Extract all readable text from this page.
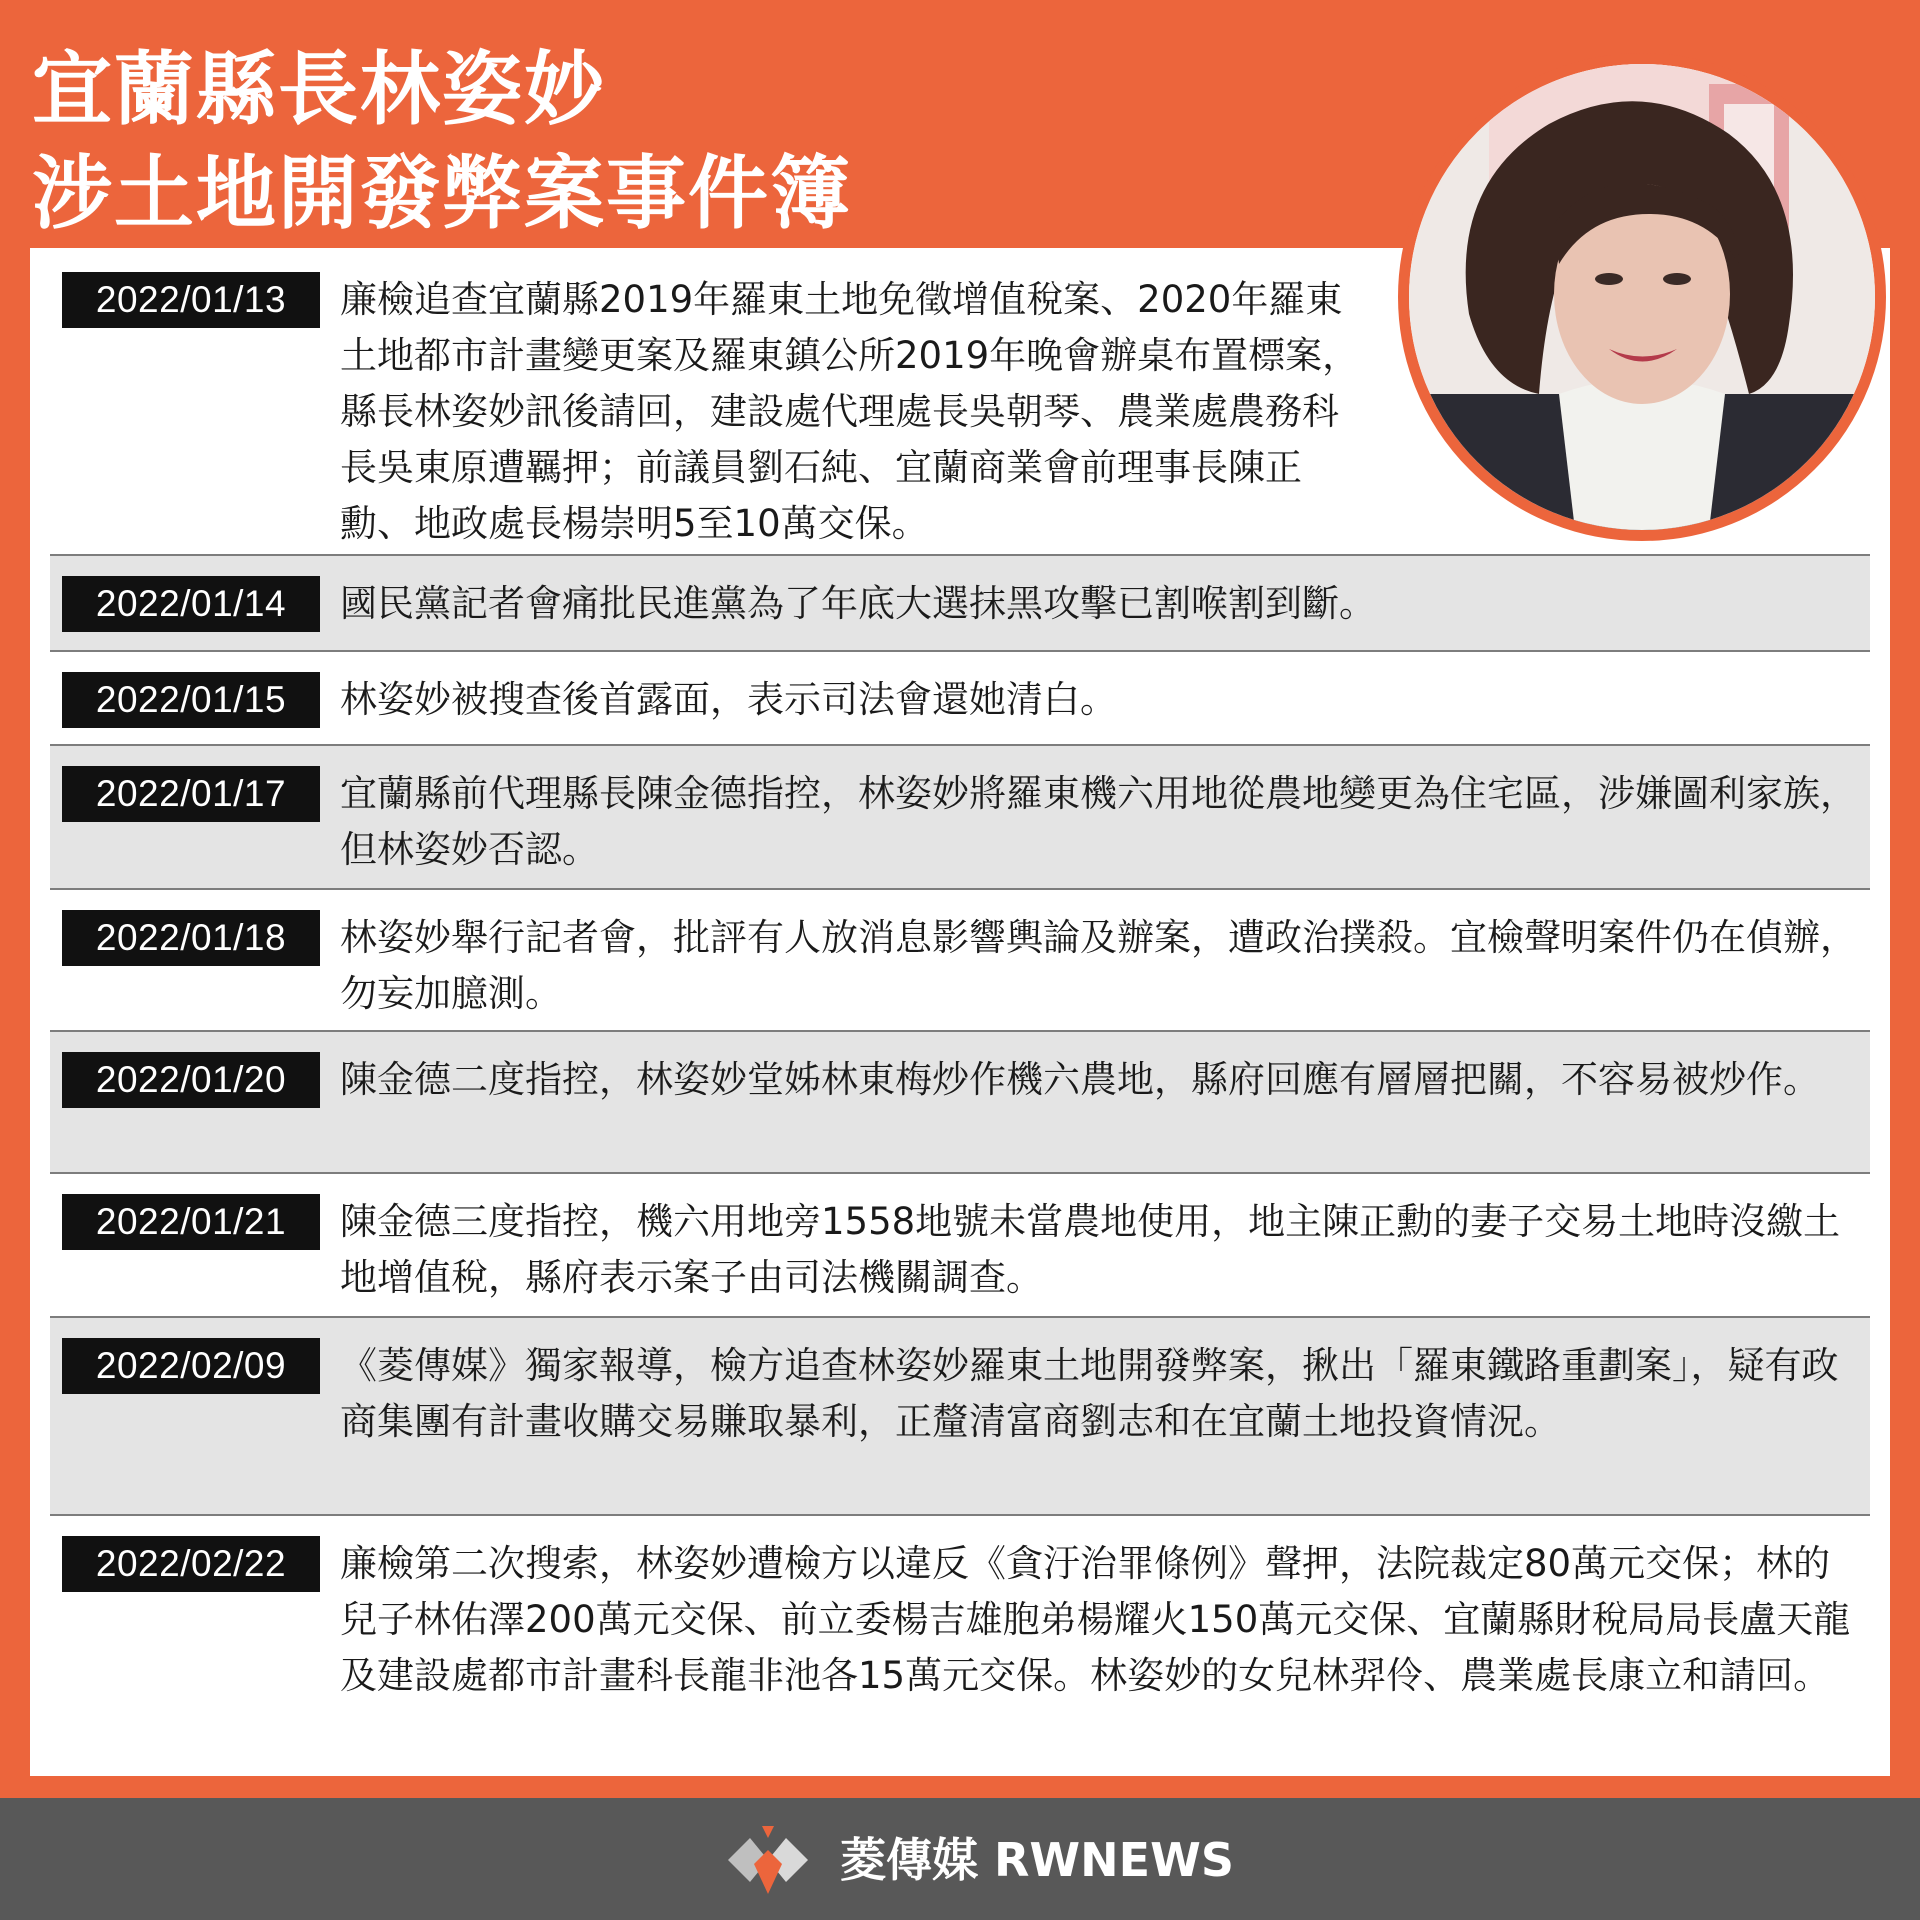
宜蘭縣長林姿妙
涉土地開發弊案事件簿
2022/01/13	廉檢追查宜蘭縣2019年羅東土地免徵增值稅案、2020年羅東土地都市計畫變更案及羅東鎮公所2019年晚會辦桌布置標案，縣長林姿妙訊後請回，建設處代理處長吳朝琴、農業處農務科長吳東原遭羈押；前議員劉石純、宜蘭商業會前理事長陳正勳、地政處長楊崇明5至10萬交保。
2022/01/14	國民黨記者會痛批民進黨為了年底大選抹黑攻擊已割喉割到斷。
2022/01/15	林姿妙被搜查後首露面，表示司法會還她清白。
2022/01/17	宜蘭縣前代理縣長陳金德指控，林姿妙將羅東機六用地從農地變更為住宅區，涉嫌圖利家族，但林姿妙否認。
2022/01/18	林姿妙舉行記者會，批評有人放消息影響輿論及辦案，遭政治撲殺。宜檢聲明案件仍在偵辦，勿妄加臆測。
2022/01/20	陳金德二度指控，林姿妙堂姊林東梅炒作機六農地，縣府回應有層層把關，不容易被炒作。
2022/01/21	陳金德三度指控，機六用地旁1558地號未當農地使用，地主陳正勳的妻子交易土地時沒繳土地增值稅，縣府表示案子由司法機關調查。
2022/02/09	《菱傳媒》獨家報導，檢方追查林姿妙羅東土地開發弊案，揪出「羅東鐵路重劃案」，疑有政商集團有計畫收購交易賺取暴利，正釐清富商劉志和在宜蘭土地投資情況。
2022/02/22	廉檢第二次搜索，林姿妙遭檢方以違反《貪汙治罪條例》聲押，法院裁定80萬元交保；林的兒子林佑澤200萬元交保、前立委楊吉雄胞弟楊耀火150萬元交保、宜蘭縣財稅局局長盧天龍及建設處都市計畫科長龍非池各15萬元交保。林姿妙的女兒林羿伶、農業處長康立和請回。
菱傳媒 RWNEWS
